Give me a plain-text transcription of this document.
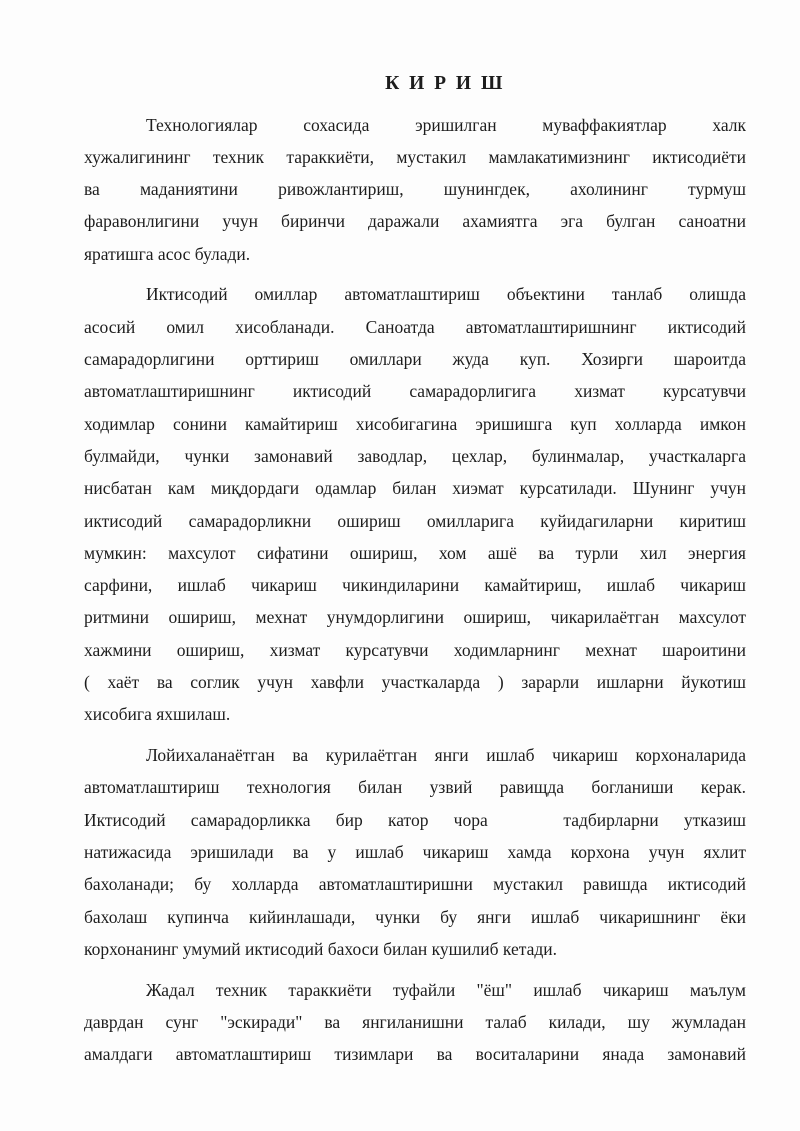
К И Р И Ш
Технологиялар сохасида эришилган муваффакиятлар халк
хужалигининг техник тараккиёти, мустакил мамлакатимизнинг иктисодиёти
ва маданиятини ривожлантириш, шунингдек, ахолининг турмуш
фаравонлигини учун биринчи даражали ахамиятга эга булган саноатни
яратишга асос булади.
Иктисодий омиллар автоматлаштириш объектини танлаб олишда
асосий омил хисобланади. Саноатда автоматлаштиришнинг иктисодий
самарадорлигини орттириш омиллари жуда куп. Хозирги шароитда
автоматлаштиришнинг иктисодий самарадорлигига хизмат курсатувчи
ходимлар сонини камайтириш хисобигагина эришишга куп холларда имкон
булмайди, чунки замонавий заводлар, цехлар, булинмалар, участкаларга
нисбатан кам миқдордаги одамлар билан хиэмат курсатилади. Шунинг учун
иктисодий самарадорликни ошириш омилларига куйидагиларни киритиш
мумкин: махсулот сифатини ошириш, хом ашё ва турли хил энергия
сарфини, ишлаб чикариш чикиндиларини камайтириш, ишлаб чикариш
ритмини ошириш, мехнат унумдорлигини ошириш, чикарилаётган махсулот
хажмини ошириш, хизмат курсатувчи ходимларнинг мехнат шароитини
( хаёт ва соглик учун хавфли участкаларда ) зарарли ишларни йукотиш
хисобига яхшилаш.
Лойихаланаётган ва курилаётган янги ишлаб чикариш корхоналарида
автоматлаштириш технология билан узвий равищда богланиши керак.
Иктисодий самарадорликка бир катор чора   тадбирларни утказиш
натижасида эришилади ва у ишлаб чикариш хамда корхона учун яхлит
бахоланади; бу холларда автоматлаштиришни мустакил равишда иктисодий
бахолаш купинча кийинлашади, чунки бу янги ишлаб чикаришнинг ёки
корхонанинг умумий иктисодий бахоси билан кушилиб кетади.
Жадал техник тараккиёти туфайли "ёш" ишлаб чикариш маълум
даврдан сунг "эскиради" ва янгиланишни талаб килади, шу жумладан
амалдаги автоматлаштириш тизимлари ва воситаларини янада замонавий
